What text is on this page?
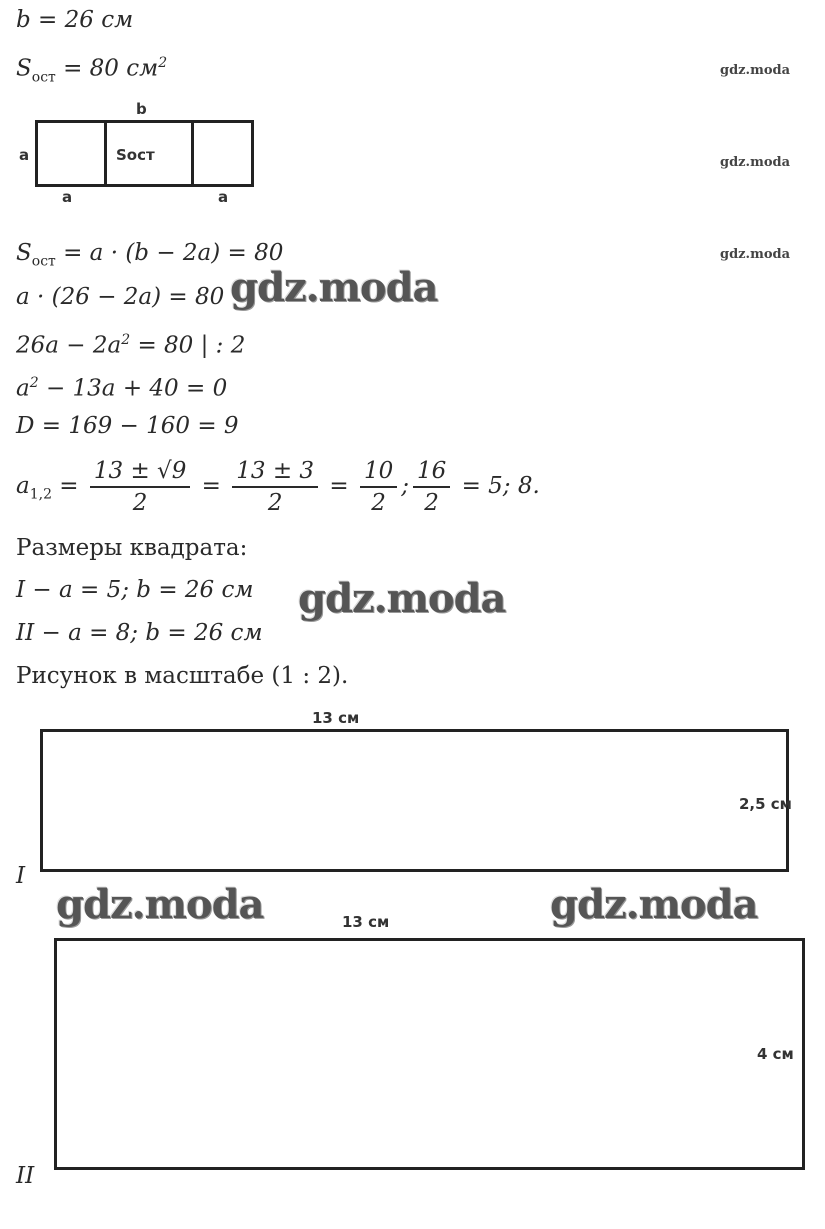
b = 26 см
$S_{ост} = 80$ $см^2$
b
a	Sост
a	a
$S_{ост} = a \cdot (b - 2a) = 80$
a · (26 − 2a) = 80
$26a - 2a^2 = 80$ | : 2
$a^2 - 13a + 40 = 0$
D = 169 − 160 = 9
$a_{1,2} = \frac{13 \pm √9}{2} = \frac{13 \pm 3}{2} = \frac{10}{2}$ ; $\frac{16}{2} = 5$; 8.
Размеры квадрата:
I − a = 5; b = 26 см
II − a = 8; b = 26 см
Рисунок в масштабе (1 : 2).
13 см
2,5 см
I
13 см
4 см
II
gdz.moda
gdz.moda
gdz.moda
gdz.moda
gdz.moda
gdz.moda	gdz.moda
